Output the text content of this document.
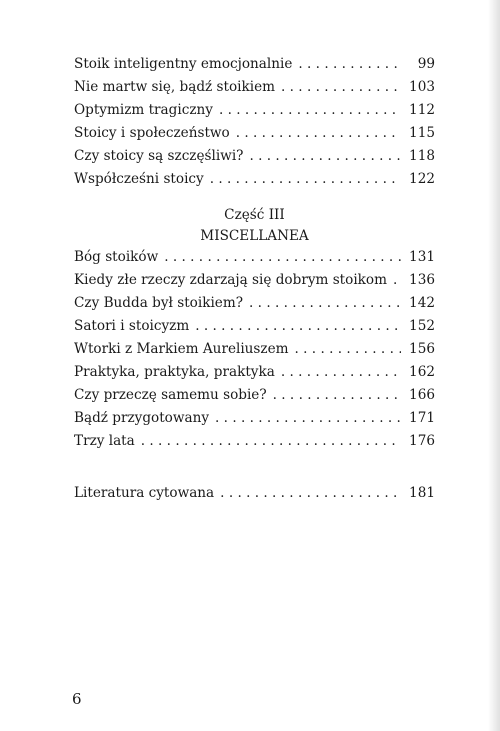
Stoik inteligentny emocjonalnie . . .	99
Nie martw się, bądź stoikiem . . .	103
Optymizm tragiczny . . .	112
Stoicy i społeczeństwo . . .	115
Czy stoicy są szczęśliwi? . . .	118
Współcześni stoicy . . .	122
Część III
MISCELLANEA
Bóg stoików . . .	131
Kiedy złe rzeczy zdarzają się dobrym stoikom . . .	136
Czy Budda był stoikiem? . . .	142
Satori i stoicyzm . . .	152
Wtorki z Markiem Aureliuszem . . .	156
Praktyka, praktyka, praktyka . . .	162
Czy przeczę samemu sobie? . . .	166
Bądź przygotowany . . .	171
Trzy lata . . .	176
Literatura cytowana . . .	181
6
